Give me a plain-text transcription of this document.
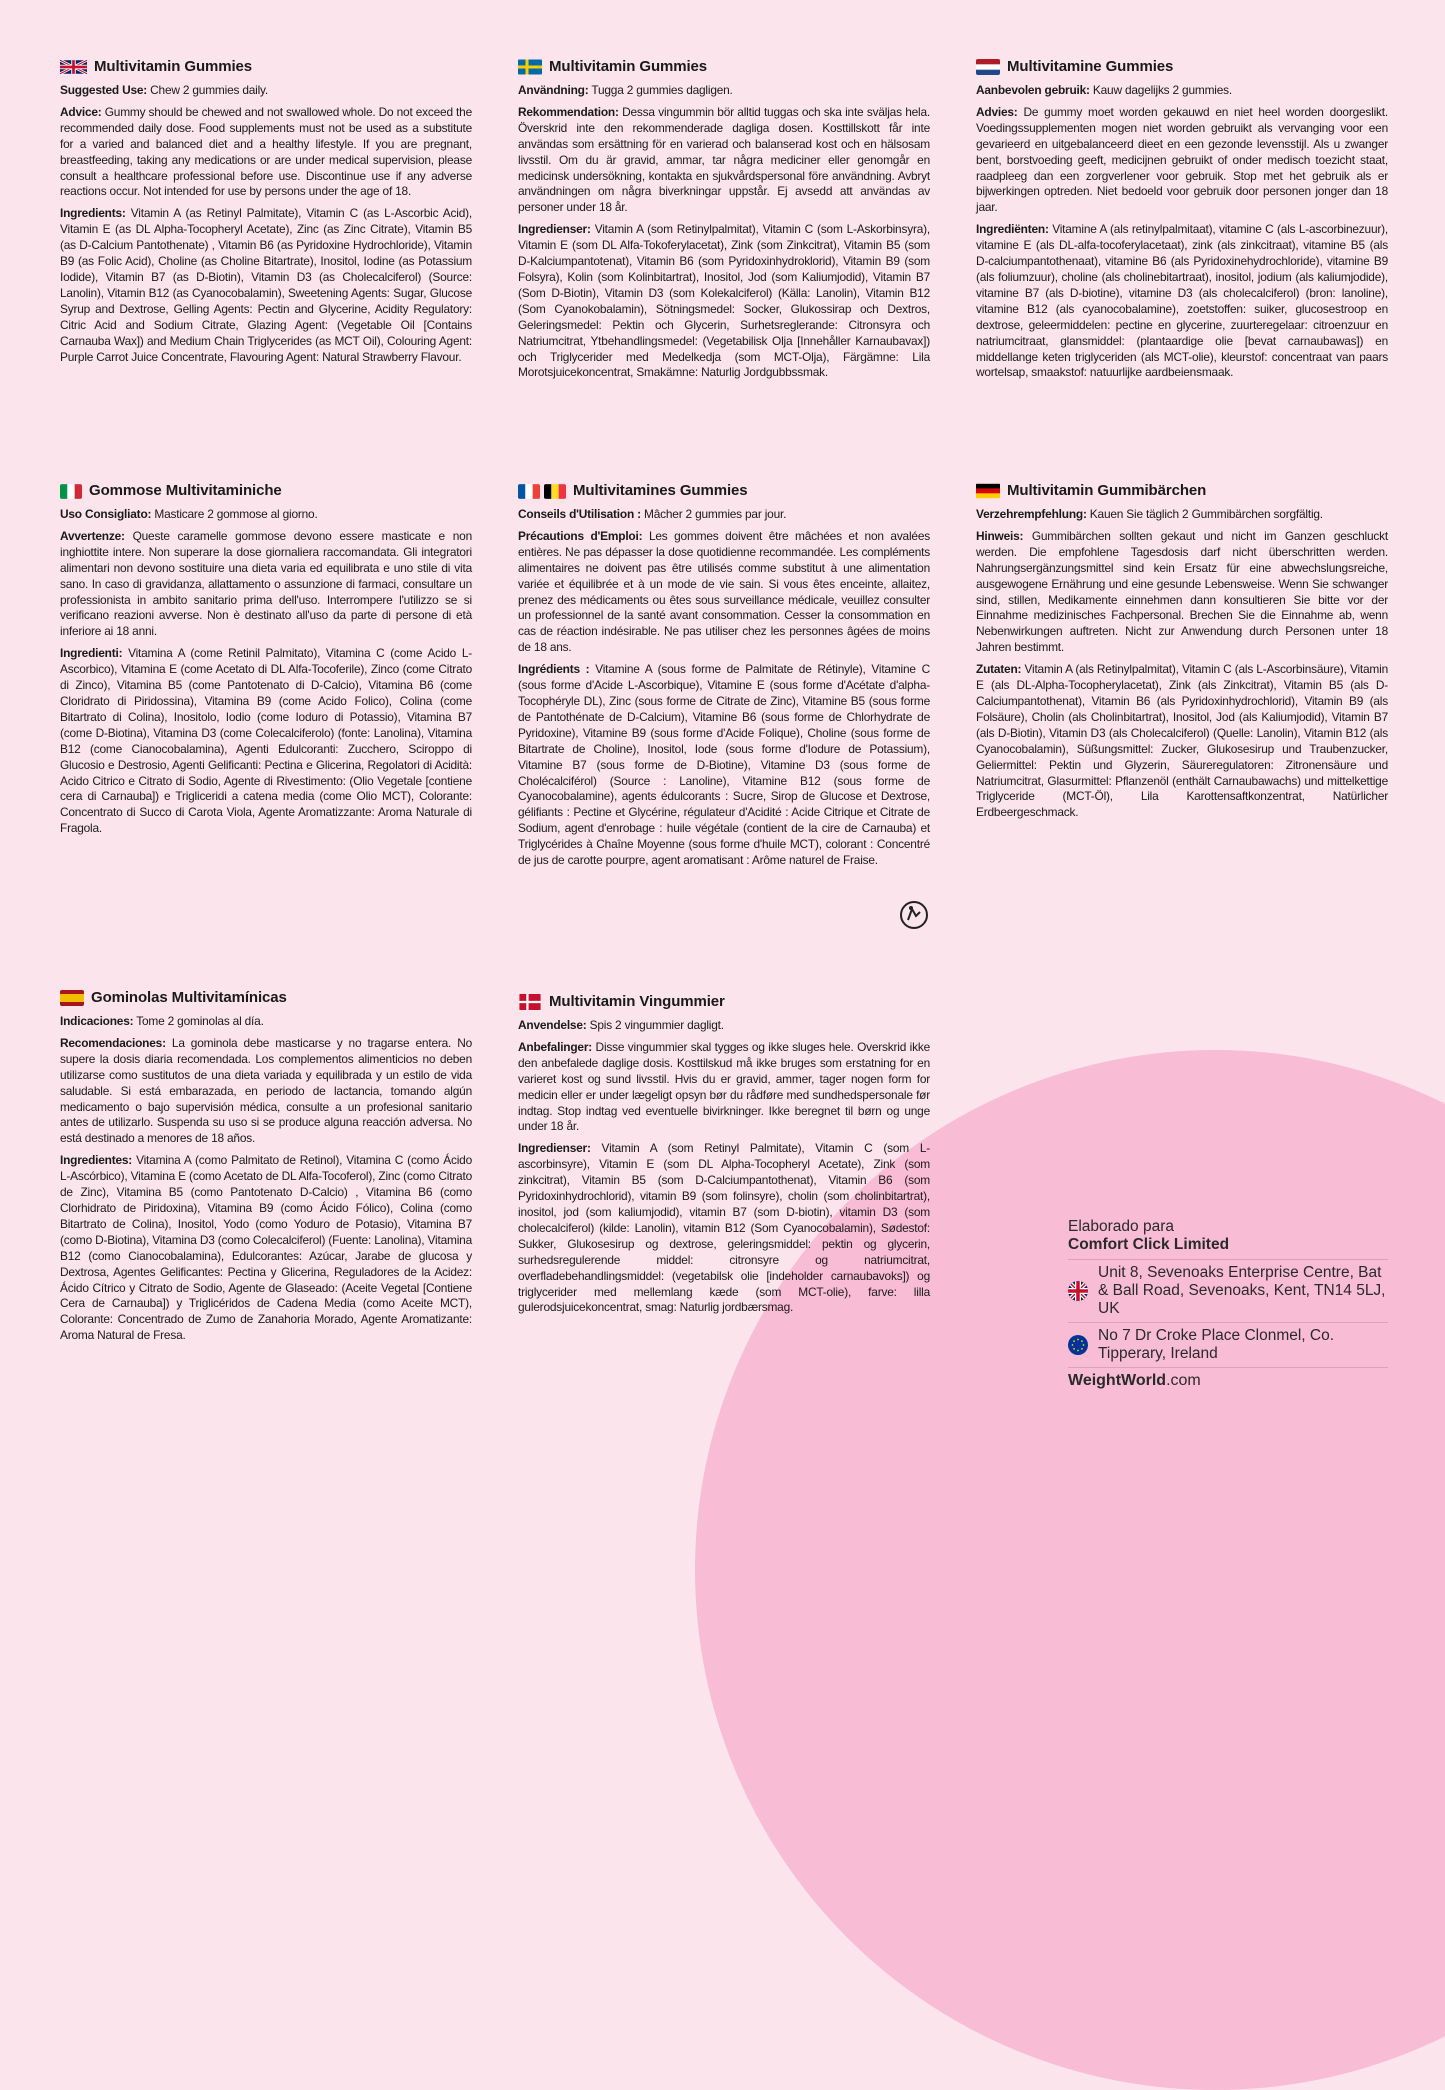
Multivitamin Gummies

Suggested Use: Chew 2 gummies daily.

Advice: Gummy should be chewed and not swallowed whole. Do not exceed the recommended daily dose. Food supplements must not be used as a substitute for a varied and balanced diet and a healthy lifestyle. If you are pregnant, breastfeeding, taking any medications or are under medical supervision, please consult a healthcare professional before use. Discontinue use if any adverse reactions occur. Not intended for use by persons under the age of 18.

Ingredients: Vitamin A (as Retinyl Palmitate), Vitamin C (as L-Ascorbic Acid), Vitamin E (as DL Alpha-Tocopheryl Acetate), Zinc (as Zinc Citrate), Vitamin B5 (as D-Calcium Pantothenate) , Vitamin B6 (as Pyridoxine Hydrochloride), Vitamin B9 (as Folic Acid), Choline (as Choline Bitartrate), Inositol, Iodine (as Potassium Iodide), Vitamin B7 (as D-Biotin), Vitamin D3 (as Cholecalciferol) (Source: Lanolin), Vitamin B12 (as Cyanocobalamin), Sweetening Agents: Sugar, Glucose Syrup and Dextrose, Gelling Agents: Pectin and Glycerine, Acidity Regulatory: Citric Acid and Sodium Citrate, Glazing Agent: (Vegetable Oil [Contains Carnauba Wax]) and Medium Chain Triglycerides (as MCT Oil), Colouring Agent: Purple Carrot Juice Concentrate, Flavouring Agent: Natural Strawberry Flavour.

Multivitamin Gummies

Användning: Tugga 2 gummies dagligen.

Rekommendation: Dessa vingummin bör alltid tuggas och ska inte sväljas hela. Överskrid inte den rekommenderade dagliga dosen. Kosttillskott får inte användas som ersättning för en varierad och balanserad kost och en hälsosam livsstil. Om du är gravid, ammar, tar några mediciner eller genomgår en medicinsk undersökning, kontakta en sjukvårdspersonal före användning. Avbryt användningen om några biverkningar uppstår. Ej avsedd att användas av personer under 18 år.

Ingredienser: Vitamin A (som Retinylpalmitat), Vitamin C (som L-Askorbinsyra), Vitamin E (som DL Alfa-Tokoferylacetat), Zink (som Zinkcitrat), Vitamin B5 (som D-Kalciumpantotenat), Vitamin B6 (som Pyridoxinhydroklorid), Vitamin B9 (som Folsyra), Kolin (som Kolinbitartrat), Inositol, Jod (som Kaliumjodid), Vitamin B7 (Som D-Biotin), Vitamin D3 (som Kolekalciferol) (Källa: Lanolin), Vitamin B12 (Som Cyanokobalamin), Sötningsmedel: Socker, Glukossirap och Dextros, Geleringsmedel: Pektin och Glycerin, Surhetsreglerande: Citronsyra och Natriumcitrat, Ytbehandlingsmedel: (Vegetabilisk Olja [Innehåller Karnaubavax]) och Triglycerider med Medelkedja (som MCT-Olja), Färgämne: Lila Morotsjuicekoncentrat, Smakämne: Naturlig Jordgubbssmak.

Multivitamine Gummies

Aanbevolen gebruik: Kauw dagelijks 2 gummies.

Advies: De gummy moet worden gekauwd en niet heel worden doorgeslikt. Voedingssupplementen mogen niet worden gebruikt als vervanging voor een gevarieerd en uitgebalanceerd dieet en een gezonde levensstijl. Als u zwanger bent, borstvoeding geeft, medicijnen gebruikt of onder medisch toezicht staat, raadpleeg dan een zorgverlener voor gebruik. Stop met het gebruik als er bijwerkingen optreden. Niet bedoeld voor gebruik door personen jonger dan 18 jaar.

Ingrediënten: Vitamine A (als retinylpalmitaat), vitamine C (als L-ascorbinezuur), vitamine E (als DL-alfa-tocoferylacetaat), zink (als zinkcitraat), vitamine B5 (als D-calciumpantothenaat), vitamine B6 (als Pyridoxinehydrochloride), vitamine B9 (als foliumzuur), choline (als cholinebitartraat), inositol, jodium (als kaliumjodide), vitamine B7 (als D-biotine), vitamine D3 (als cholecalciferol) (bron: lanoline), vitamine B12 (als cyanocobalamine), zoetstoffen: suiker, glucosestroop en dextrose, geleermiddelen: pectine en glycerine, zuurteregelaar: citroenzuur en natriumcitraat, glansmiddel: (plantaardige olie [bevat carnaubawas]) en middellange keten triglyceriden (als MCT-olie), kleurstof: concentraat van paars wortelsap, smaakstof: natuurlijke aardbeiensmaak.

Gommose Multivitaminiche

Uso Consigliato: Masticare 2 gommose al giorno.

Avvertenze: Queste caramelle gommose devono essere masticate e non inghiottite intere. Non superare la dose giornaliera raccomandata. Gli integratori alimentari non devono sostituire una dieta varia ed equilibrata e uno stile di vita sano. In caso di gravidanza, allattamento o assunzione di farmaci, consultare un professionista in ambito sanitario prima dell'uso. Interrompere l'utilizzo se si verificano reazioni avverse. Non è destinato all'uso da parte di persone di età inferiore ai 18 anni.

Ingredienti: Vitamina A (come Retinil Palmitato), Vitamina C (come Acido L-Ascorbico), Vitamina E (come Acetato di DL Alfa-Tocoferile), Zinco (come Citrato di Zinco), Vitamina B5 (come Pantotenato di D-Calcio), Vitamina B6 (come Cloridrato di Piridossina), Vitamina B9 (come Acido Folico), Colina (come Bitartrato di Colina), Inositolo, Iodio (come Ioduro di Potassio), Vitamina B7 (come D-Biotina), Vitamina D3 (come Colecalciferolo) (fonte: Lanolina), Vitamina B12 (come Cianocobalamina), Agenti Edulcoranti: Zucchero, Sciroppo di Glucosio e Destrosio, Agenti Gelificanti: Pectina e Glicerina, Regolatori di Acidità: Acido Citrico e Citrato di Sodio, Agente di Rivestimento: (Olio Vegetale [contiene cera di Carnauba]) e Trigliceridi a catena media (come Olio MCT), Colorante: Concentrato di Succo di Carota Viola, Agente Aromatizzante: Aroma Naturale di Fragola.

Multivitamines Gummies

Conseils d'Utilisation : Mâcher 2 gummies par jour.

Précautions d'Emploi: Les gommes doivent être mâchées et non avalées entières. Ne pas dépasser la dose quotidienne recommandée. Les compléments alimentaires ne doivent pas être utilisés comme substitut à une alimentation variée et équilibrée et à un mode de vie sain. Si vous êtes enceinte, allaitez, prenez des médicaments ou êtes sous surveillance médicale, veuillez consulter un professionnel de la santé avant consommation. Cesser la consommation en cas de réaction indésirable. Ne pas utiliser chez les personnes âgées de moins de 18 ans.

Ingrédients : Vitamine A (sous forme de Palmitate de Rétinyle), Vitamine C (sous forme d'Acide L-Ascorbique), Vitamine E (sous forme d'Acétate d'alpha-Tocophéryle DL), Zinc (sous forme de Citrate de Zinc), Vitamine B5 (sous forme de Pantothénate de D-Calcium), Vitamine B6 (sous forme de Chlorhydrate de Pyridoxine), Vitamine B9 (sous forme d'Acide Folique), Choline (sous forme de Bitartrate de Choline), Inositol, Iode (sous forme d'Iodure de Potassium), Vitamine B7 (sous forme de D-Biotine), Vitamine D3 (sous forme de Cholécalciférol) (Source : Lanoline), Vitamine B12 (sous forme de Cyanocobalamine), agents édulcorants : Sucre, Sirop de Glucose et Dextrose, gélifiants : Pectine et Glycérine, régulateur d'Acidité : Acide Citrique et Citrate de Sodium, agent d'enrobage : huile végétale (contient de la cire de Carnauba) et Triglycérides à Chaîne Moyenne (sous forme d'huile MCT), colorant : Concentré de jus de carotte pourpre, agent aromatisant : Arôme naturel de Fraise.

Multivitamin Gummibärchen

Verzehrempfehlung: Kauen Sie täglich 2 Gummibärchen sorgfältig.

Hinweis: Gummibärchen sollten gekaut und nicht im Ganzen geschluckt werden. Die empfohlene Tagesdosis darf nicht überschritten werden. Nahrungsergänzungsmittel sind kein Ersatz für eine abwechslungsreiche, ausgewogene Ernährung und eine gesunde Lebensweise. Wenn Sie schwanger sind, stillen, Medikamente einnehmen dann konsultieren Sie bitte vor der Einnahme medizinisches Fachpersonal. Brechen Sie die Einnahme ab, wenn Nebenwirkungen auftreten. Nicht zur Anwendung durch Personen unter 18 Jahren bestimmt.

Zutaten: Vitamin A (als Retinylpalmitat), Vitamin C (als L-Ascorbinsäure), Vitamin E (als DL-Alpha-Tocopherylacetat), Zink (als Zinkcitrat), Vitamin B5 (als D-Calciumpantothenat), Vitamin B6 (als Pyridoxinhydrochlorid), Vitamin B9 (als Folsäure), Cholin (als Cholinbitartrat), Inositol, Jod (als Kaliumjodid), Vitamin B7 (als D-Biotin), Vitamin D3 (als Cholecalciferol) (Quelle: Lanolin), Vitamin B12 (als Cyanocobalamin), Süßungsmittel: Zucker, Glukosesirup und Traubenzucker, Geliermittel: Pektin und Glyzerin, Säureregulatoren: Zitronensäure und Natriumcitrat, Glasurmittel: Pflanzenöl (enthält Carnaubawachs) und mittelkettige Triglyceride (MCT-Öl), Lila Karottensaftkonzentrat, Natürlicher Erdbeergeschmack.

Gominolas Multivitamínicas

Indicaciones: Tome 2 gominolas al día.

Recomendaciones: La gominola debe masticarse y no tragarse entera. No supere la dosis diaria recomendada. Los complementos alimenticios no deben utilizarse como sustitutos de una dieta variada y equilibrada y un estilo de vida saludable. Si está embarazada, en periodo de lactancia, tomando algún medicamento o bajo supervisión médica, consulte a un profesional sanitario antes de utilizarlo. Suspenda su uso si se produce alguna reacción adversa. No está destinado a menores de 18 años.

Ingredientes: Vitamina A (como Palmitato de Retinol), Vitamina C (como Ácido L-Ascórbico), Vitamina E (como Acetato de DL Alfa-Tocoferol), Zinc (como Citrato de Zinc), Vitamina B5 (como Pantotenato D-Calcio) , Vitamina B6 (como Clorhidrato de Piridoxina), Vitamina B9 (como Ácido Fólico), Colina (como Bitartrato de Colina), Inositol, Yodo (como Yoduro de Potasio), Vitamina B7 (como D-Biotina), Vitamina D3 (como Colecalciferol) (Fuente: Lanolina), Vitamina B12 (como Cianocobalamina), Edulcorantes: Azúcar, Jarabe de glucosa y Dextrosa, Agentes Gelificantes: Pectina y Glicerina, Reguladores de la Acidez: Ácido Cítrico y Citrato de Sodio, Agente de Glaseado: (Aceite Vegetal [Contiene Cera de Carnauba]) y Triglicéridos de Cadena Media (como Aceite MCT), Colorante: Concentrado de Zumo de Zanahoria Morado, Agente Aromatizante: Aroma Natural de Fresa.

Multivitamin Vingummier

Anvendelse: Spis 2 vingummier dagligt.

Anbefalinger: Disse vingummier skal tygges og ikke sluges hele. Overskrid ikke den anbefalede daglige dosis. Kosttilskud må ikke bruges som erstatning for en varieret kost og sund livsstil. Hvis du er gravid, ammer, tager nogen form for medicin eller er under lægeligt opsyn bør du rådføre med sundhedspersonale før indtag. Stop indtag ved eventuelle bivirkninger. Ikke beregnet til børn og unge under 18 år.

Ingredienser: Vitamin A (som Retinyl Palmitate), Vitamin C (som L-ascorbinsyre), Vitamin E (som DL Alpha-Tocopheryl Acetate), Zink (som zinkcitrat), Vitamin B5 (som D-Calciumpantothenat), Vitamin B6 (som Pyridoxinhydrochlorid), vitamin B9 (som folinsyre), cholin (som cholinbitartrat), inositol, jod (som kaliumjodid), vitamin B7 (som D-biotin), vitamin D3 (som cholecalciferol) (kilde: Lanolin), vitamin B12 (Som Cyanocobalamin), Sødestof: Sukker, Glukosesirup og dextrose, geleringsmiddel: pektin og glycerin, surhedsregulerende middel: citronsyre og natriumcitrat, overfladebehandlingsmiddel: (vegetabilsk olie [indeholder carnaubavoks]) og triglycerider med mellemlang kæde (som MCT-olie), farve: lilla gulerodsjuicekoncentrat, smag: Naturlig jordbærsmag.

Elaborado para
Comfort Click Limited
Unit 8, Sevenoaks Enterprise Centre, Bat & Ball Road, Sevenoaks, Kent, TN14 5LJ, UK
No 7 Dr Croke Place Clonmel, Co. Tipperary, Ireland
WeightWorld.com
